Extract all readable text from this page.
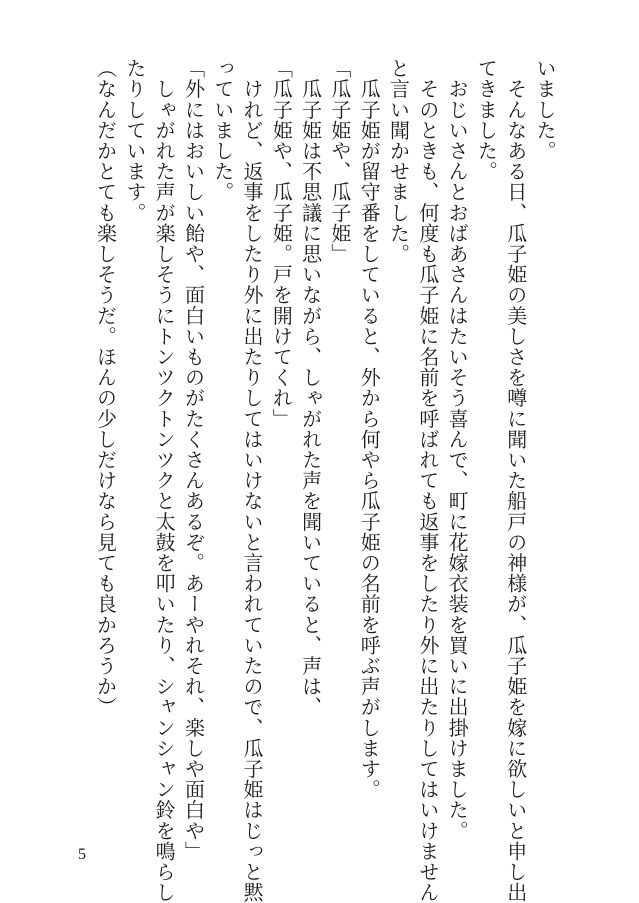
いました。
　そんなある日、瓜子姫の美しさを噂に聞いた船戸の神様が、瓜子姫を嫁に欲しいと申し出
てきました。
　おじいさんとおばあさんはたいそう喜んで、町に花嫁衣装を買いに出掛けました。
　そのときも、何度も瓜子姫に名前を呼ばれても返事をしたり外に出たりしてはいけません
と言い聞かせました。
　瓜子姫が留守番をしていると、外から何やら瓜子姫の名前を呼ぶ声がします。
「瓜子姫や、瓜子姫」
　瓜子姫は不思議に思いながら、しゃがれた声を聞いていると、声は、
「瓜子姫や、瓜子姫。戸を開けてくれ」
　けれど、返事をしたり外に出たりしてはいけないと言われていたので、瓜子姫はじっと黙
っていました。
「外にはおいしい飴や、面白いものがたくさんあるぞ。あーやれそれ、楽しや面白や」
　しゃがれた声が楽しそうにトンツクトンツクと太鼓を叩いたり、シャンシャン鈴を鳴らし
たりしています。
（なんだかとても楽しそうだ。ほんの少しだけなら見ても良かろうか）
5
